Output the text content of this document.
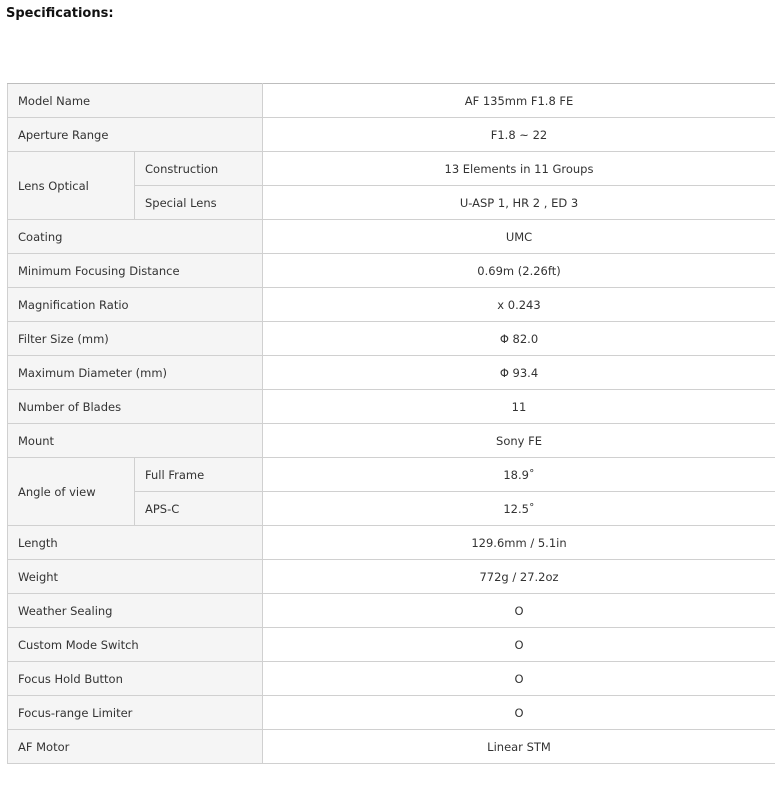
Specifications:
Model Name		AF 135mm F1.8 FE
Aperture Range		F1.8 ~ 22
Lens Optical	Construction	13 Elements in 11 Groups
	Special Lens	U-ASP 1, HR 2 , ED 3
Coating		UMC
Minimum Focusing Distance		0.69m (2.26ft)
Magnification Ratio		x 0.243
Filter Size (mm)		Φ 82.0
Maximum Diameter (mm)		Φ 93.4
Number of Blades		11
Mount		Sony FE
Angle of view	Full Frame	18.9˚
	APS-C	12.5˚
Length		129.6mm / 5.1in
Weight		772g / 27.2oz
Weather Sealing		O
Custom Mode Switch		O
Focus Hold Button		O
Focus-range Limiter		O
AF Motor		Linear STM
